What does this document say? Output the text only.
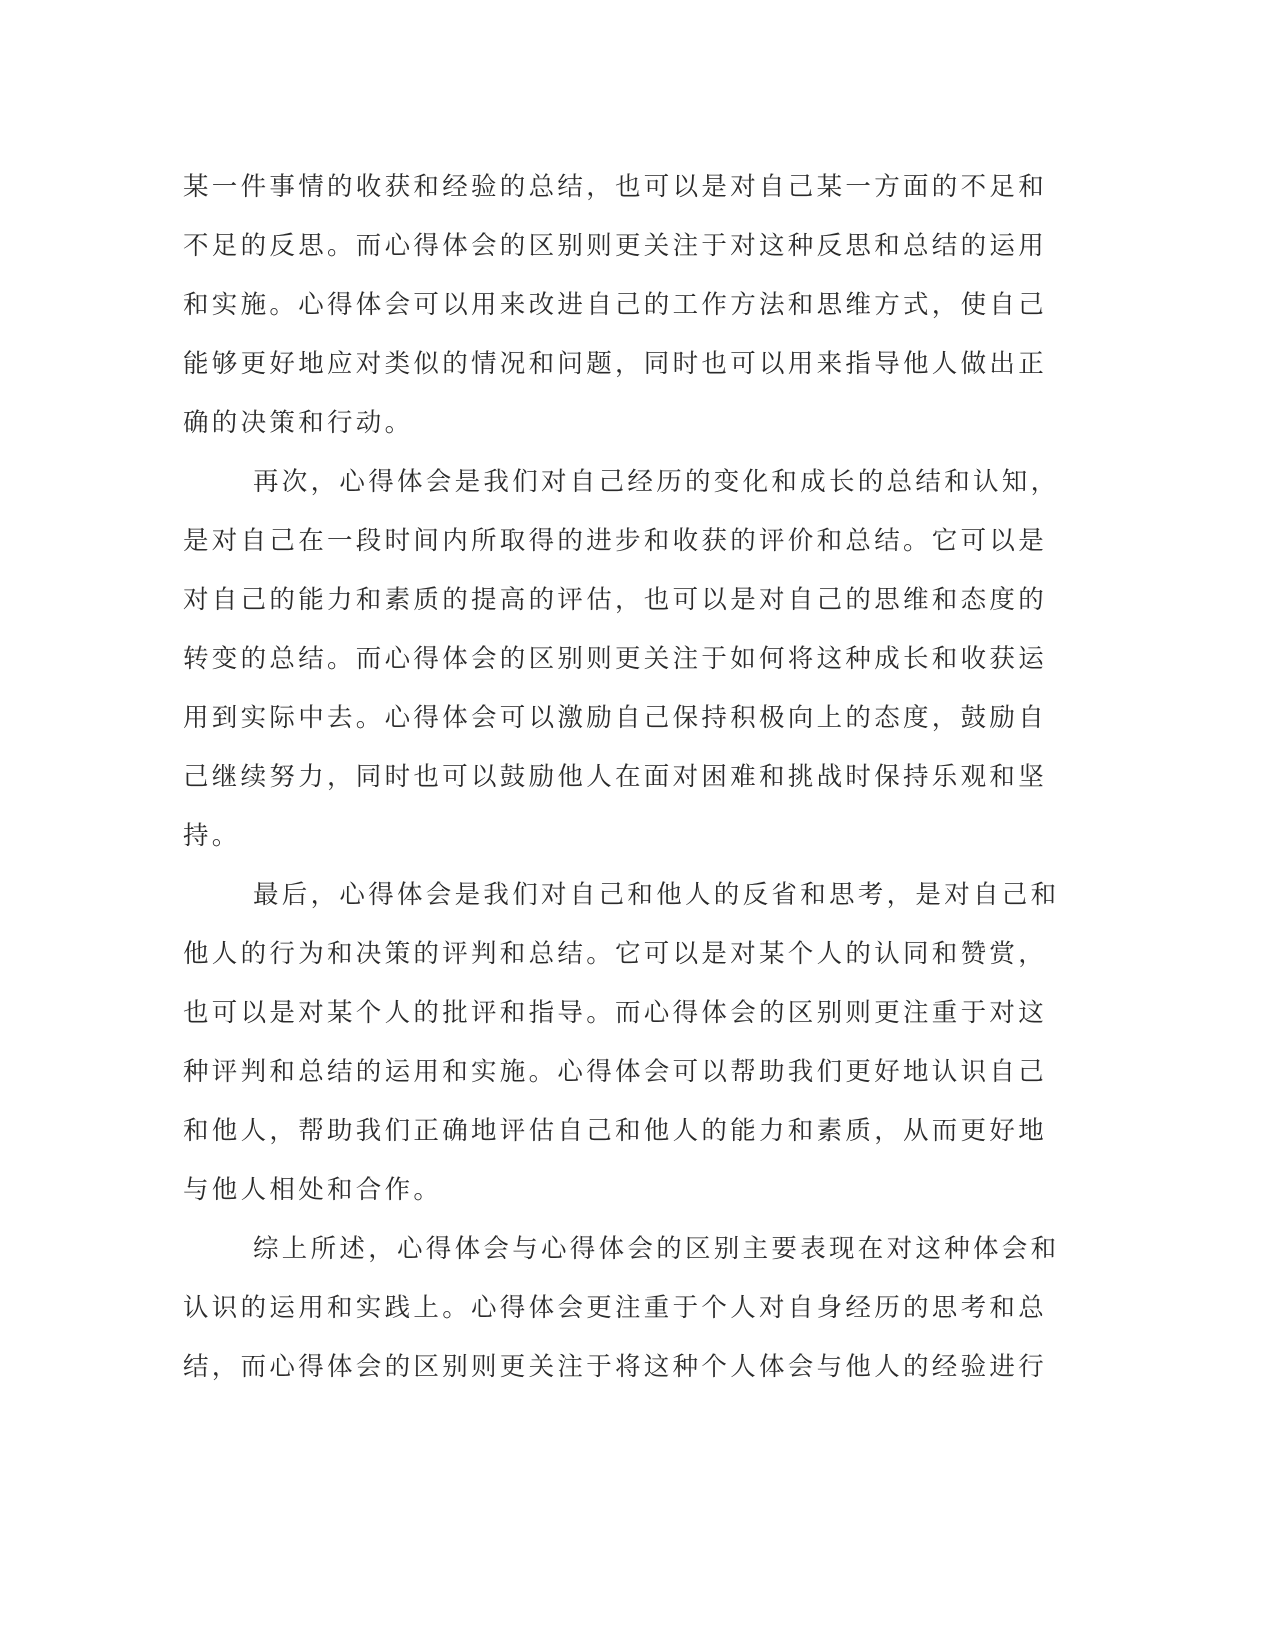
某一件事情的收获和经验的总结，也可以是对自己某一方面的不足和
不足的反思。而心得体会的区别则更关注于对这种反思和总结的运用
和实施。心得体会可以用来改进自己的工作方法和思维方式，使自己
能够更好地应对类似的情况和问题，同时也可以用来指导他人做出正
确的决策和行动。
再次，心得体会是我们对自己经历的变化和成长的总结和认知，
是对自己在一段时间内所取得的进步和收获的评价和总结。它可以是
对自己的能力和素质的提高的评估，也可以是对自己的思维和态度的
转变的总结。而心得体会的区别则更关注于如何将这种成长和收获运
用到实际中去。心得体会可以激励自己保持积极向上的态度，鼓励自
己继续努力，同时也可以鼓励他人在面对困难和挑战时保持乐观和坚
持。
最后，心得体会是我们对自己和他人的反省和思考，是对自己和
他人的行为和决策的评判和总结。它可以是对某个人的认同和赞赏，
也可以是对某个人的批评和指导。而心得体会的区别则更注重于对这
种评判和总结的运用和实施。心得体会可以帮助我们更好地认识自己
和他人，帮助我们正确地评估自己和他人的能力和素质，从而更好地
与他人相处和合作。
综上所述，心得体会与心得体会的区别主要表现在对这种体会和
认识的运用和实践上。心得体会更注重于个人对自身经历的思考和总
结，而心得体会的区别则更关注于将这种个人体会与他人的经验进行
